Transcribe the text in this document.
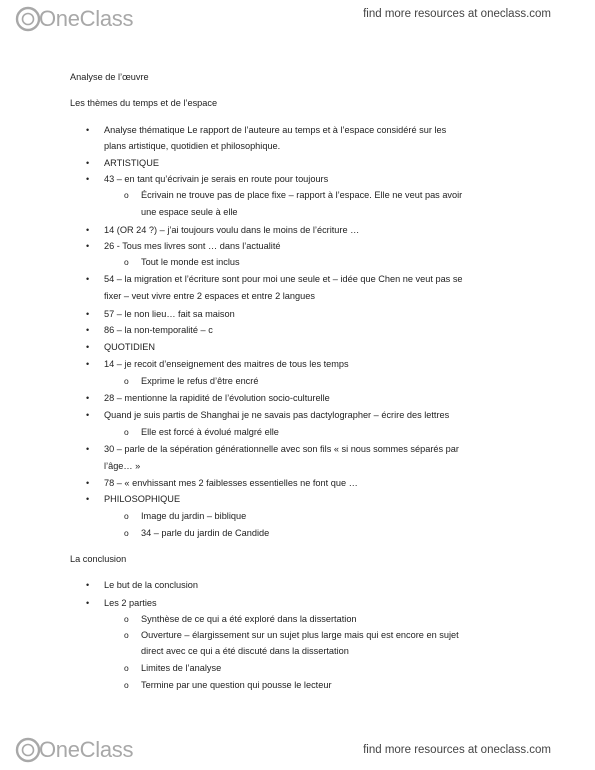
OneClass	find more resources at oneclass.com
Analyse de l’œuvre
Les thèmes du temps et de l’espace
• Analyse thématique Le rapport de l’auteure au temps et à l’espace considéré sur les
plans artistique, quotidien et philosophique.
• ARTISTIQUE
• 43 – en tant qu’écrivain je serais en route pour toujours
o Écrivain ne trouve pas de place fixe – rapport à l’espace. Elle ne veut pas avoir
une espace seule à elle
• 14 (OR 24 ?) – j’ai toujours voulu dans le moins de l’écriture …
• 26 - Tous mes livres sont … dans l’actualité
o Tout le monde est inclus
• 54 – la migration et l’écriture sont pour moi une seule et – idée que Chen ne veut pas se
fixer – veut vivre entre 2 espaces et entre 2 langues
• 57 – le non lieu… fait sa maison
• 86 – la non-temporalité – c
• QUOTIDIEN
• 14 – je recoit d’enseignement des maitres de tous les temps
o Exprime le refus d’être encré
• 28 – mentionne la rapidité de l’évolution socio-culturelle
• Quand je suis partis de Shanghai je ne savais pas dactylographer – écrire des lettres
o Elle est forcé à évolué malgré elle
• 30 – parle de la sépération générationnelle avec son fils « si nous sommes séparés par
l’âge… »
• 78 – « envhissant mes 2 faiblesses essentielles ne font que …
• PHILOSOPHIQUE
o Image du jardin – biblique
o 34 – parle du jardin de Candide
La conclusion
• Le but de la conclusion
• Les 2 parties
o Synthèse de ce qui a été exploré dans la dissertation
o Ouverture – élargissement sur un sujet plus large mais qui est encore en sujet
direct avec ce qui a été discuté dans la dissertation
o Limites de l’analyse
o Termine par une question qui pousse le lecteur
OneClass	find more resources at oneclass.com
